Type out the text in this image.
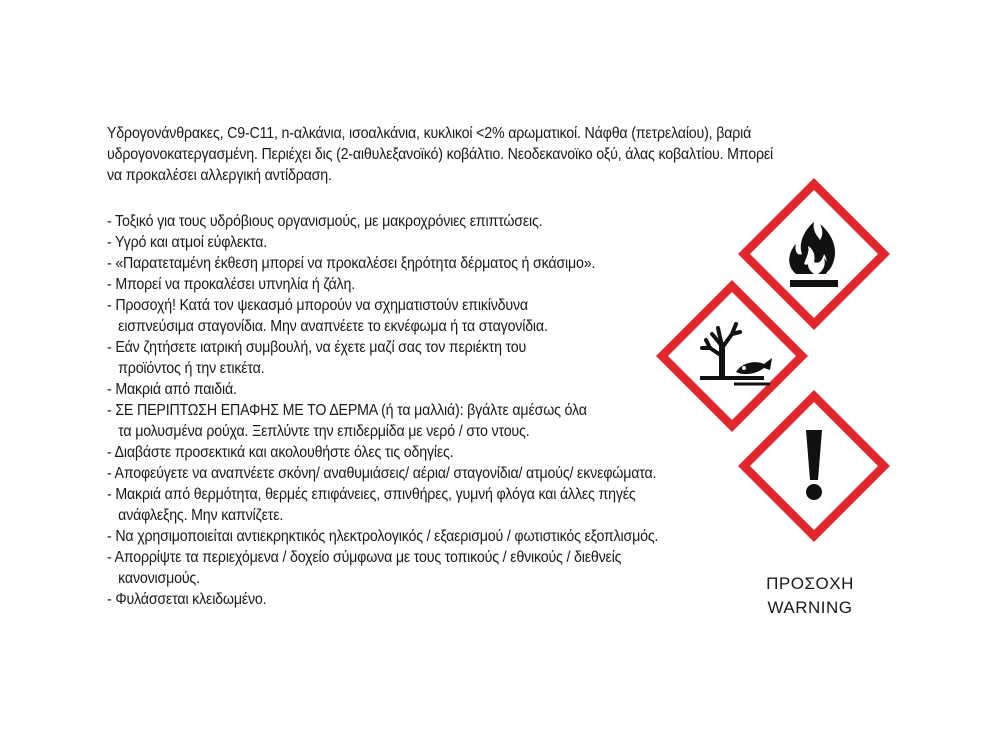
Υδρογονάνθρακες, C9-C11, n-αλκάνια, ισοαλκάνια, κυκλικοί <2% αρωματικοί. Νάφθα (πετρελαίου), βαριά
υδρογονοκατεργασμένη. Περιέχει δις (2-αιθυλεξανοϊκό) κοβάλτιο. Νεοδεκανοϊκο οξύ, άλας κοβαλτίου. Μπορεί
να προκαλέσει αλλεργική αντίδραση.
- Τοξικό για τους υδρόβιους οργανισμούς, με μακροχρόνιες επιπτώσεις.
- Υγρό και ατμοί εύφλεκτα.
- «Παρατεταμένη έκθεση μπορεί να προκαλέσει ξηρότητα δέρματος ή σκάσιμο».
- Μπορεί να προκαλέσει υπνηλία ή ζάλη.
- Προσοχή! Κατά τον ψεκασμό μπορούν να σχηματιστούν επικίνδυνα
εισπνεύσιμα σταγονίδια. Μην αναπνέετε το εκνέφωμα ή τα σταγονίδια.
- Εάν ζητήσετε ιατρική συμβουλή, να έχετε μαζί σας τον περιέκτη του
προϊόντος ή την ετικέτα.
- Μακριά από παιδιά.
- ΣΕ ΠΕΡΙΠΤΩΣΗ ΕΠΑΦΗΣ ΜΕ ΤΟ ΔΕΡΜΑ (ή τα μαλλιά): βγάλτε αμέσως όλα
τα μολυσμένα ρούχα. Ξεπλύντε την επιδερμίδα με νερό / στο ντους.
- Διαβάστε προσεκτικά και ακολουθήστε όλες τις οδηγίες.
- Αποφεύγετε να αναπνέετε σκόνη/ αναθυμιάσεις/ αέρια/ σταγονίδια/ ατμούς/ εκνεφώματα.
- Μακριά από θερμότητα, θερμές επιφάνειες, σπινθήρες, γυμνή φλόγα και άλλες πηγές
ανάφλεξης. Μην καπνίζετε.
- Να χρησιμοποιείται αντιεκρηκτικός ηλεκτρολογικός / εξαερισμού / φωτιστικός εξοπλισμός.
- Απορρίψτε τα περιεχόμενα / δοχείο σύμφωνα με τους τοπικούς / εθνικούς / διεθνείς
κανονισμούς.
- Φυλάσσεται κλειδωμένο.
ΠΡΟΣΟΧΗ
WARNING
